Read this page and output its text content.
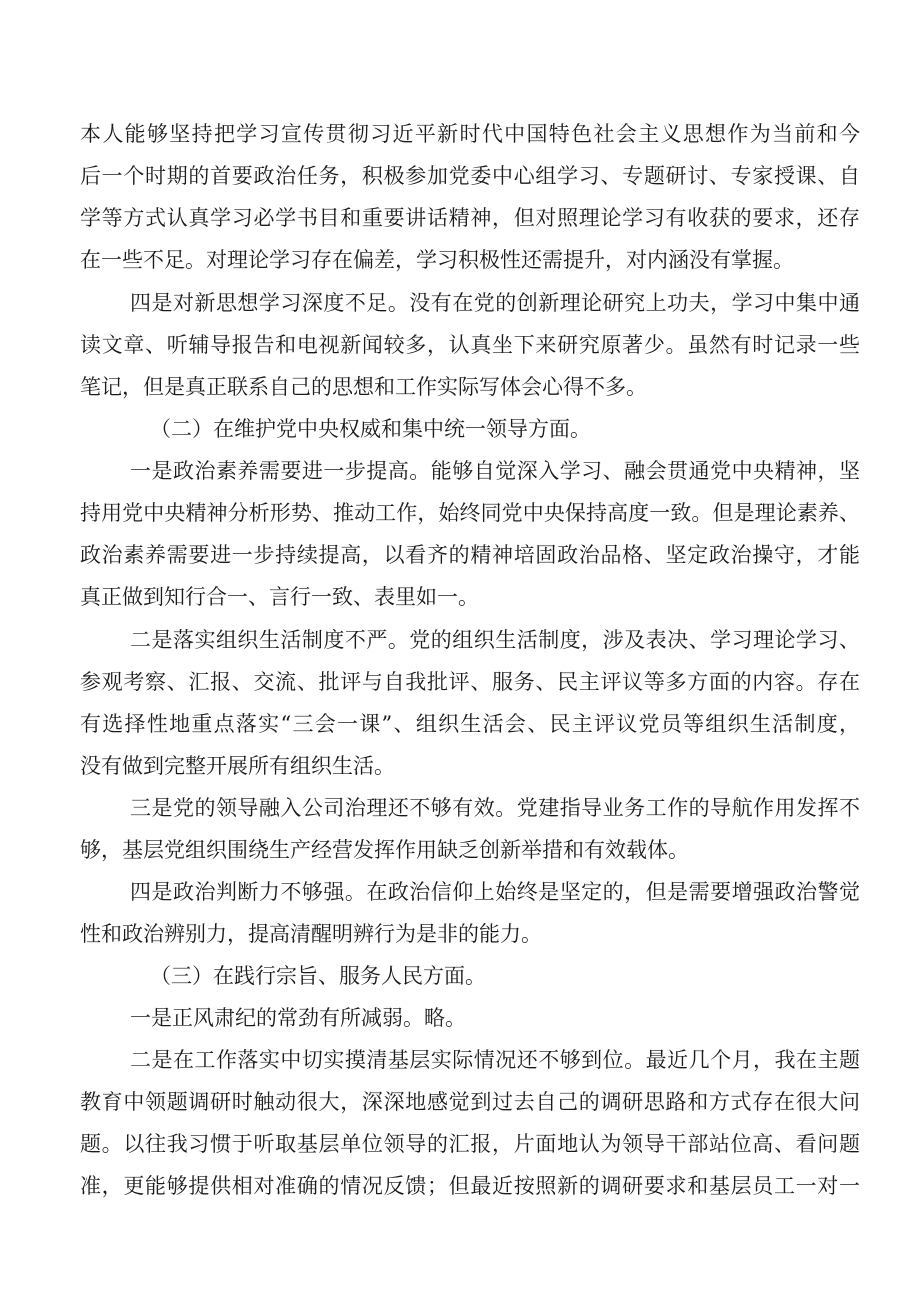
本人能够坚持把学习宣传贯彻习近平新时代中国特色社会主义思想作为当前和今
后一个时期的首要政治任务，积极参加党委中心组学习、专题研讨、专家授课、自
学等方式认真学习必学书目和重要讲话精神，但对照理论学习有收获的要求，还存
在一些不足。对理论学习存在偏差，学习积极性还需提升，对内涵没有掌握。
四是对新思想学习深度不足。没有在党的创新理论研究上功夫，学习中集中通
读文章、听辅导报告和电视新闻较多，认真坐下来研究原著少。虽然有时记录一些
笔记，但是真正联系自己的思想和工作实际写体会心得不多。
（二）在维护党中央权威和集中统一领导方面。
一是政治素养需要进一步提高。能够自觉深入学习、融会贯通党中央精神，坚
持用党中央精神分析形势、推动工作，始终同党中央保持高度一致。但是理论素养、
政治素养需要进一步持续提高，以看齐的精神培固政治品格、坚定政治操守，才能
真正做到知行合一、言行一致、表里如一。
二是落实组织生活制度不严。党的组织生活制度，涉及表决、学习理论学习、
参观考察、汇报、交流、批评与自我批评、服务、民主评议等多方面的内容。存在
有选择性地重点落实“三会一课”、组织生活会、民主评议党员等组织生活制度，
没有做到完整开展所有组织生活。
三是党的领导融入公司治理还不够有效。党建指导业务工作的导航作用发挥不
够，基层党组织围绕生产经营发挥作用缺乏创新举措和有效载体。
四是政治判断力不够强。在政治信仰上始终是坚定的，但是需要增强政治警觉
性和政治辨别力，提高清醒明辨行为是非的能力。
（三）在践行宗旨、服务人民方面。
一是正风肃纪的常劲有所减弱。略。
二是在工作落实中切实摸清基层实际情况还不够到位。最近几个月，我在主题
教育中领题调研时触动很大，深深地感觉到过去自己的调研思路和方式存在很大问
题。以往我习惯于听取基层单位领导的汇报，片面地认为领导干部站位高、看问题
准，更能够提供相对准确的情况反馈；但最近按照新的调研要求和基层员工一对一
